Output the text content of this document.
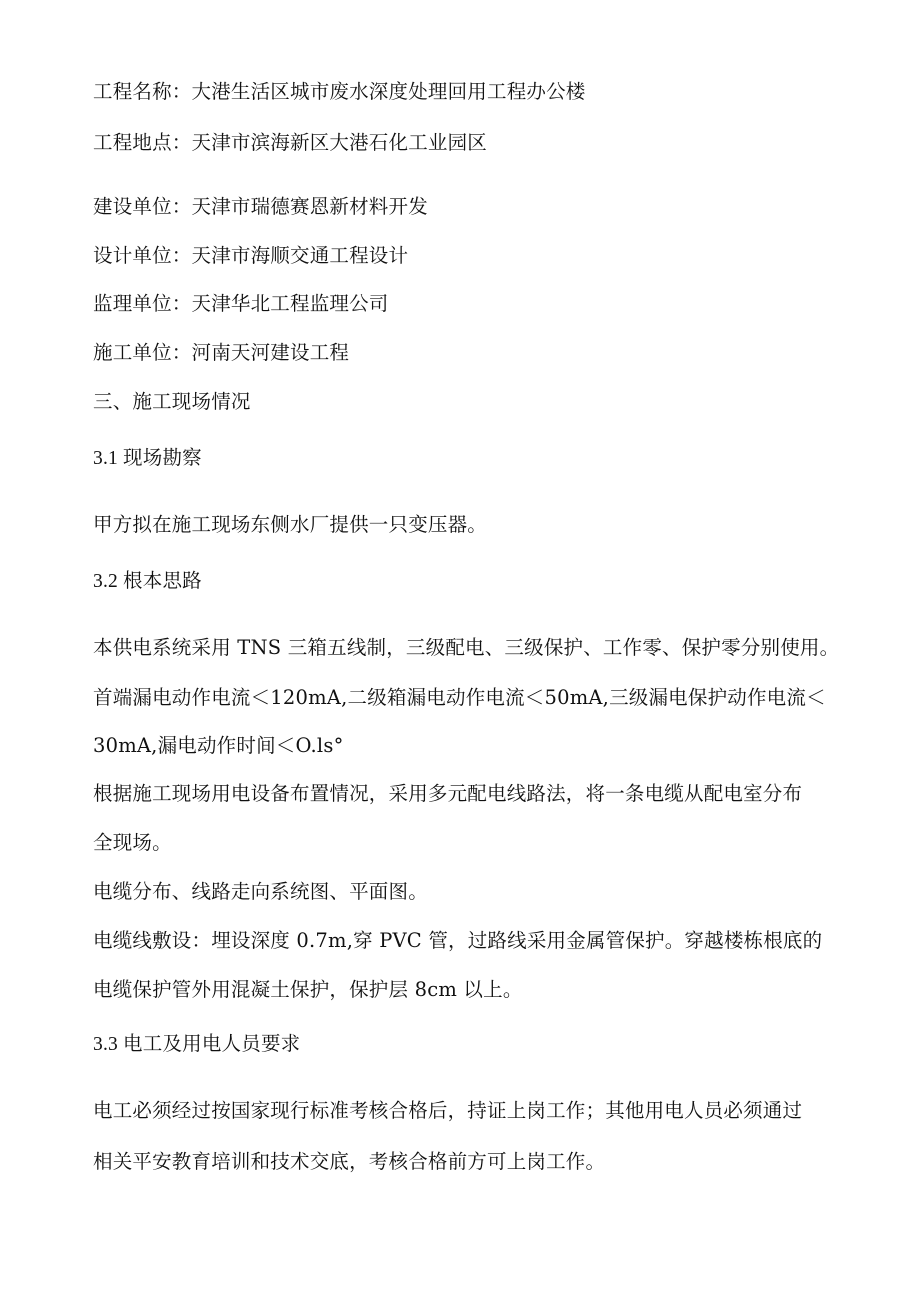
工程名称：大港生活区城市废水深度处理回用工程办公楼
工程地点：天津市滨海新区大港石化工业园区
建设单位：天津市瑞德赛恩新材料开发
设计单位：天津市海顺交通工程设计
监理单位：天津华北工程监理公司
施工单位：河南天河建设工程
三、施工现场情况
3.1 现场勘察
甲方拟在施工现场东侧水厂提供一只变压器。
3.2 根本思路
本供电系统采用 TNS 三箱五线制，三级配电、三级保护、工作零、保护零分别使用。
首端漏电动作电流＜120mA,二级箱漏电动作电流＜50mA,三级漏电保护动作电流＜
30mA,漏电动作时间＜O.ls°
根据施工现场用电设备布置情况，采用多元配电线路法，将一条电缆从配电室分布
全现场。
电缆分布、线路走向系统图、平面图。
电缆线敷设：埋设深度 0.7m,穿 PVC 管，过路线采用金属管保护。穿越楼栋根底的
电缆保护管外用混凝土保护，保护层 8cm 以上。
3.3 电工及用电人员要求
电工必须经过按国家现行标准考核合格后，持证上岗工作；其他用电人员必须通过
相关平安教育培训和技术交底，考核合格前方可上岗工作。
